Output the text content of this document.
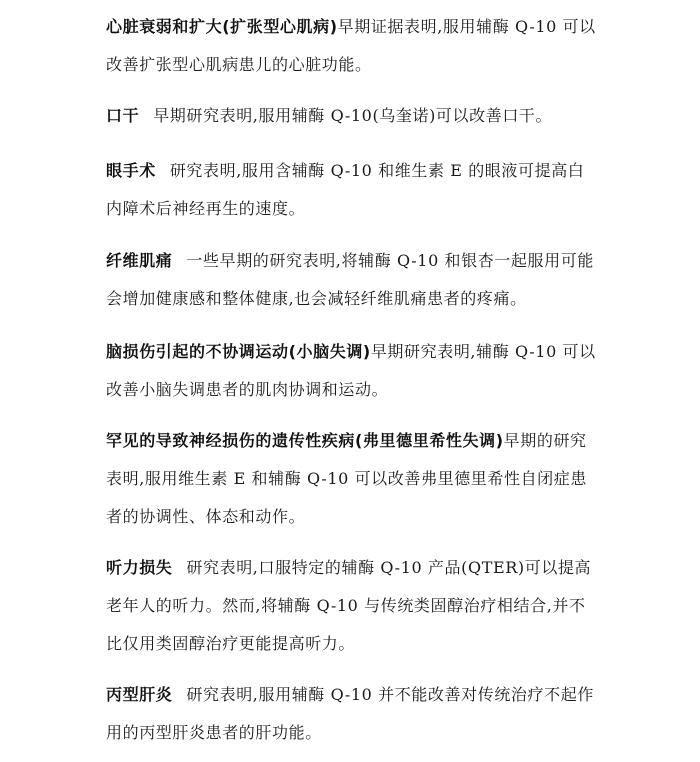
心脏衰弱和扩大(扩张型心肌病)早期证据表明,服用辅酶 Q-10 可以改善扩张型心肌病患儿的心脏功能。

口干 早期研究表明,服用辅酶 Q-10(乌奎诺)可以改善口干。

眼手术 研究表明,服用含辅酶 Q-10 和维生素 E 的眼液可提高白内障术后神经再生的速度。

纤维肌痛 一些早期的研究表明,将辅酶 Q-10 和银杏一起服用可能会增加健康感和整体健康,也会减轻纤维肌痛患者的疼痛。

脑损伤引起的不协调运动(小脑失调)早期研究表明,辅酶 Q-10 可以改善小脑失调患者的肌肉协调和运动。

罕见的导致神经损伤的遗传性疾病(弗里德里希性失调)早期的研究表明,服用维生素 E 和辅酶 Q-10 可以改善弗里德里希性自闭症患者的协调性、体态和动作。

听力损失 研究表明,口服特定的辅酶 Q-10 产品(QTER)可以提高老年人的听力。然而,将辅酶 Q-10 与传统类固醇治疗相结合,并不比仅用类固醇治疗更能提高听力。

丙型肝炎 研究表明,服用辅酶 Q-10 并不能改善对传统治疗不起作用的丙型肝炎患者的肝功能。
